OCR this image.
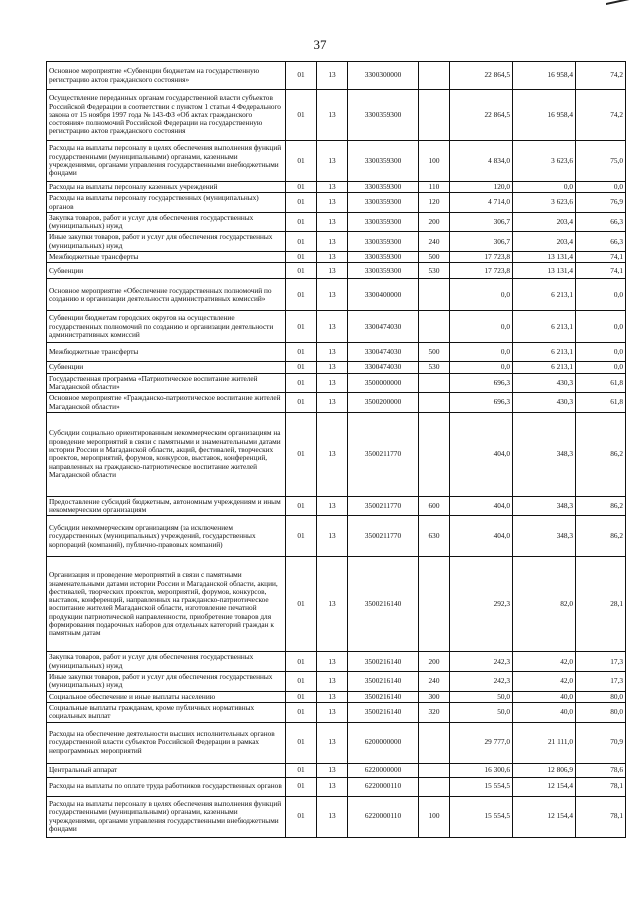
37
Основное мероприятие «Субвенции бюджетам на государственную регистрацию актов гражданского состояния»	01	13	3300300000		22 864,5	16 958,4	74,2
Осуществление переданных органам государственной власти субъектов Российской Федерации в соответствии с пунктом 1 статьи 4 Федерального закона от 15 ноября 1997 года № 143-ФЗ «Об актах гражданского состояния» полномочий Российской Федерации на государственную регистрацию актов гражданского состояния	01	13	3300359300		22 864,5	16 958,4	74,2
Расходы на выплаты персоналу в целях обеспечения выполнения функций государственными (муниципальными) органами, казенными учреждениями, органами управления государственными внебюджетными фондами	01	13	3300359300	100	4 834,0	3 623,6	75,0
Расходы на выплаты персоналу казенных учреждений	01	13	3300359300	110	120,0	0,0	0,0
Расходы на выплаты персоналу государственных (муниципальных) органов	01	13	3300359300	120	4 714,0	3 623,6	76,9
Закупка товаров, работ и услуг для обеспечения государственных (муниципальных) нужд	01	13	3300359300	200	306,7	203,4	66,3
Иные закупки товаров, работ и услуг для обеспечения государственных (муниципальных) нужд	01	13	3300359300	240	306,7	203,4	66,3
Межбюджетные трансферты	01	13	3300359300	500	17 723,8	13 131,4	74,1
Субвенции	01	13	3300359300	530	17 723,8	13 131,4	74,1
Основное мероприятие «Обеспечение государственных полномочий по созданию и организации деятельности административных комиссий»	01	13	3300400000		0,0	6 213,1	0,0
Субвенции бюджетам городских округов на осуществление государственных полномочий по созданию и организации деятельности административных комиссий	01	13	3300474030		0,0	6 213,1	0,0
Межбюджетные трансферты	01	13	3300474030	500	0,0	6 213,1	0,0
Субвенции	01	13	3300474030	530	0,0	6 213,1	0,0
Государственная программа «Патриотическое воспитание жителей Магаданской области»	01	13	3500000000		696,3	430,3	61,8
Основное мероприятие «Гражданско-патриотическое воспитание жителей Магаданской области»	01	13	3500200000		696,3	430,3	61,8
Субсидии социально ориентированным некоммерческим организациям на проведение мероприятий в связи с памятными и знаменательными датами истории России и Магаданской области, акций, фестивалей, творческих проектов, мероприятий, форумов, конкурсов, выставок, конференций, направленных на гражданско-патриотическое воспитание жителей Магаданской области	01	13	3500211770		404,0	348,3	86,2
Предоставление субсидий бюджетным, автономным учреждениям и иным некоммерческим организациям	01	13	3500211770	600	404,0	348,3	86,2
Субсидии некоммерческим организациям (за исключением государственных (муниципальных) учреждений, государственных корпораций (компаний), публично-правовых компаний)	01	13	3500211770	630	404,0	348,3	86,2
Организация и проведение мероприятий в связи с памятными знаменательными датами истории России и Магаданской области, акции, фестивалей, творческих проектов, мероприятий, форумов, конкурсов, выставок, конференций, направленных на гражданско-патриотическое воспитание жителей Магаданской области, изготовление печатной продукции патриотической направленности, приобретение товаров для формирования подарочных наборов для отдельных категорий граждан к памятным датам	01	13	3500216140		292,3	82,0	28,1
Закупка товаров, работ и услуг для обеспечения государственных (муниципальных) нужд	01	13	3500216140	200	242,3	42,0	17,3
Иные закупки товаров, работ и услуг для обеспечения государственных (муниципальных) нужд	01	13	3500216140	240	242,3	42,0	17,3
Социальное обеспечение и иные выплаты населению	01	13	3500216140	300	50,0	40,0	80,0
Социальные выплаты гражданам, кроме публичных нормативных социальных выплат	01	13	3500216140	320	50,0	40,0	80,0
Расходы на обеспечение деятельности высших исполнительных органов государственной власти субъектов Российской Федерации в рамках непрограммных мероприятий	01	13	6200000000		29 777,0	21 111,0	70,9
Центральный аппарат	01	13	6220000000		16 300,6	12 806,9	78,6
Расходы на выплаты по оплате труда работников государственных органов	01	13	6220000110		15 554,5	12 154,4	78,1
Расходы на выплаты персоналу в целях обеспечения выполнения функций государственными (муниципальными) органами, казенными учреждениями, органами управления государственными внебюджетными фондами	01	13	6220000110	100	15 554,5	12 154,4	78,1
